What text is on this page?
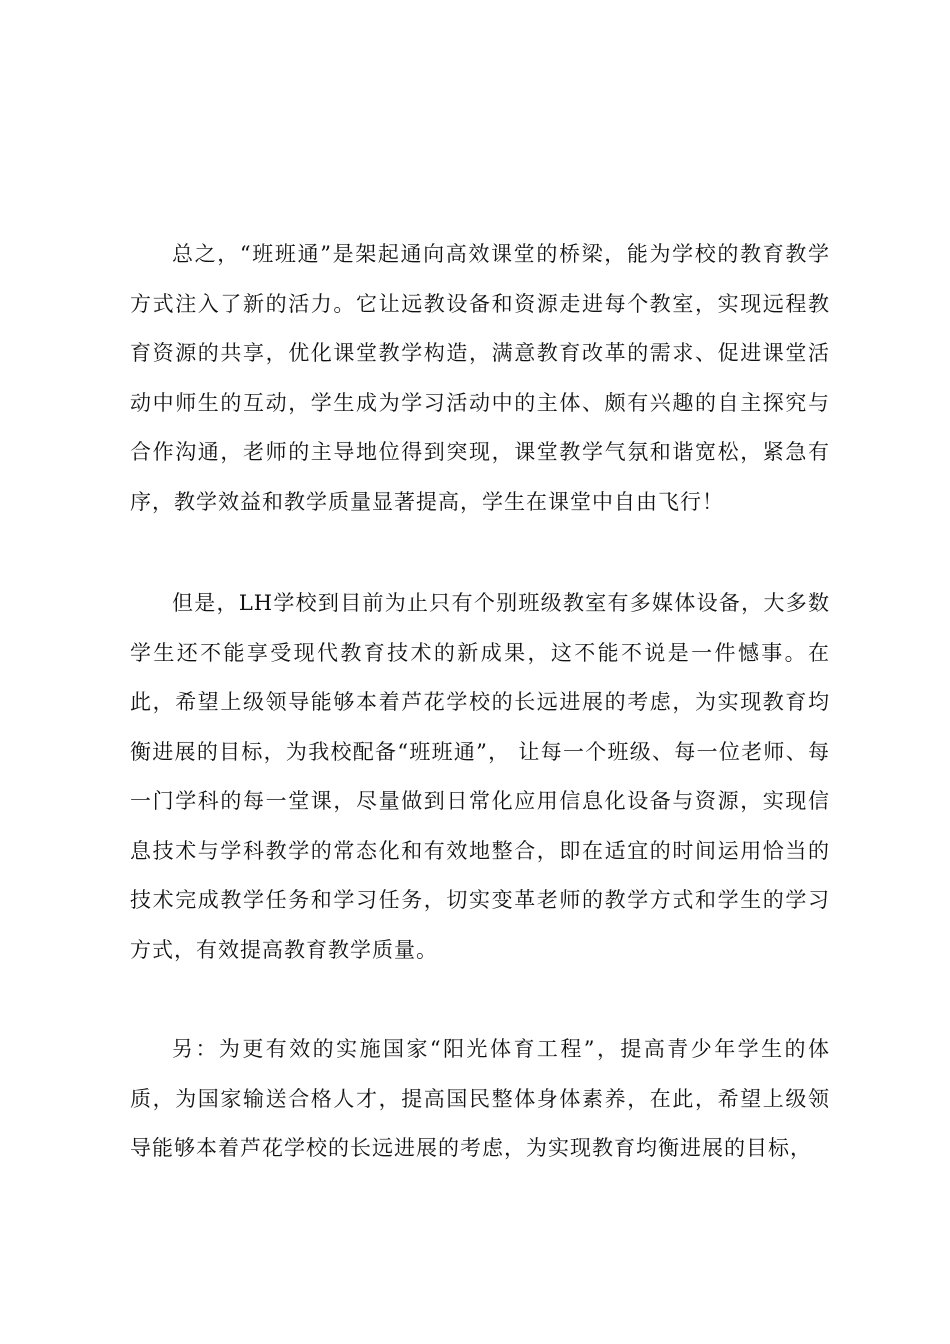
总之，“班班通”是架起通向高效课堂的桥梁，能为学校的教育教学方式注入了新的活力。它让远教设备和资源走进每个教室，实现远程教育资源的共享，优化课堂教学构造，满意教育改革的需求、促进课堂活动中师生的互动，学生成为学习活动中的主体、颇有兴趣的自主探究与合作沟通，老师的主导地位得到突现，课堂教学气氛和谐宽松，紧急有序，教学效益和教学质量显著提高，学生在课堂中自由飞行！

但是，LH学校到目前为止只有个别班级教室有多媒体设备，大多数学生还不能享受现代教育技术的新成果，这不能不说是一件憾事。在此，希望上级领导能够本着芦花学校的长远进展的考虑，为实现教育均衡进展的目标，为我校配备“班班通”， 让每一个班级、每一位老师、每一门学科的每一堂课，尽量做到日常化应用信息化设备与资源，实现信息技术与学科教学的常态化和有效地整合，即在适宜的时间运用恰当的技术完成教学任务和学习任务，切实变革老师的教学方式和学生的学习方式，有效提高教育教学质量。

另：为更有效的实施国家“阳光体育工程”，提高青少年学生的体质，为国家输送合格人才，提高国民整体身体素养，在此，希望上级领导能够本着芦花学校的长远进展的考虑，为实现教育均衡进展的目标，
